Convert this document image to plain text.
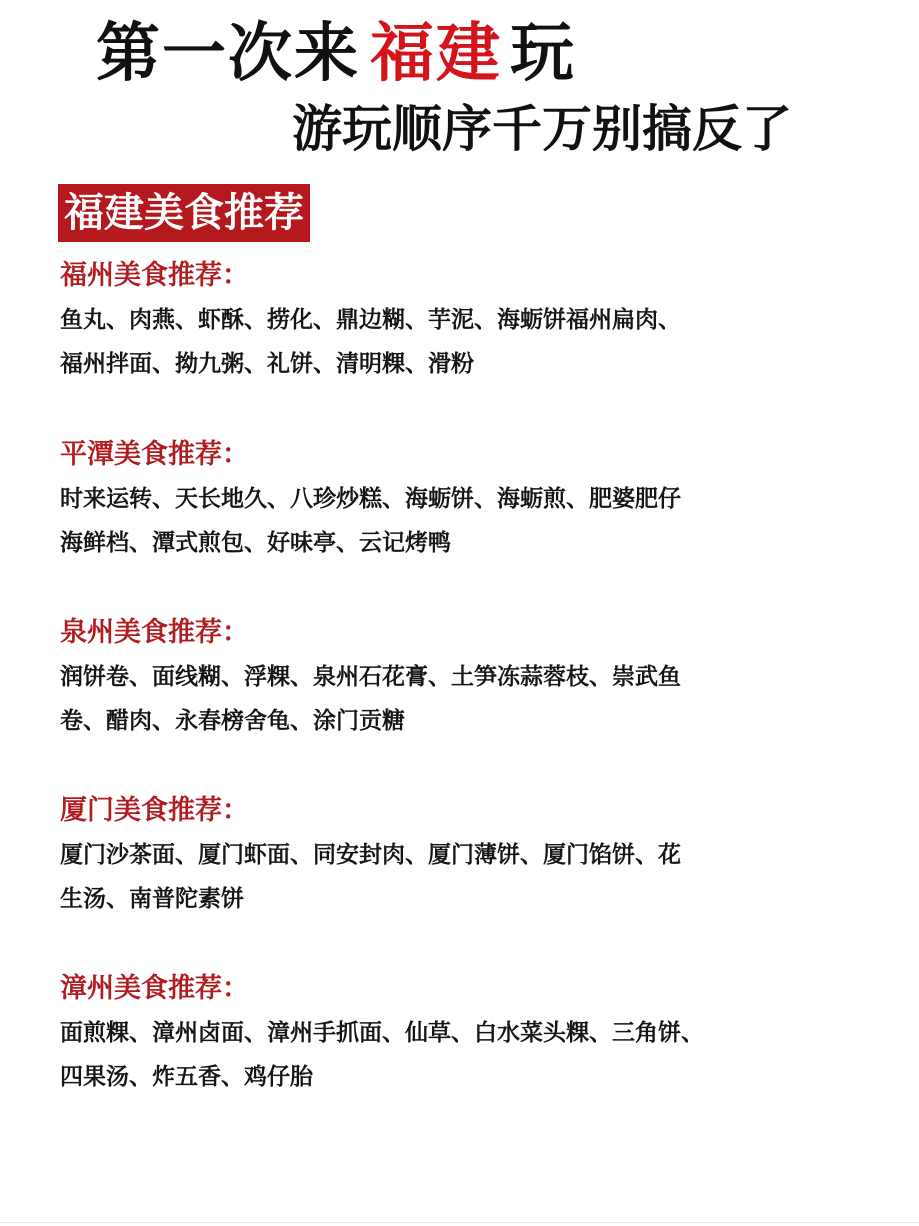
第一次来 福建 玩
游玩顺序千万别搞反了
福建美食推荐
福州美食推荐：
鱼丸、肉燕、虾酥、捞化、鼎边糊、芋泥、海蛎饼福州扁肉、
福州拌面、拗九粥、礼饼、清明粿、滑粉
平潭美食推荐：
时来运转、天长地久、八珍炒糕、海蛎饼、海蛎煎、肥婆肥仔
海鲜档、潭式煎包、好味亭、云记烤鸭
泉州美食推荐：
润饼卷、面线糊、浮粿、泉州石花膏、土笋冻蒜蓉枝、崇武鱼
卷、醋肉、永春榜舍龟、涂门贡糖
厦门美食推荐：
厦门沙茶面、厦门虾面、同安封肉、厦门薄饼、厦门馅饼、花
生汤、南普陀素饼
漳州美食推荐：
面煎粿、漳州卤面、漳州手抓面、仙草、白水菜头粿、三角饼、
四果汤、炸五香、鸡仔胎
